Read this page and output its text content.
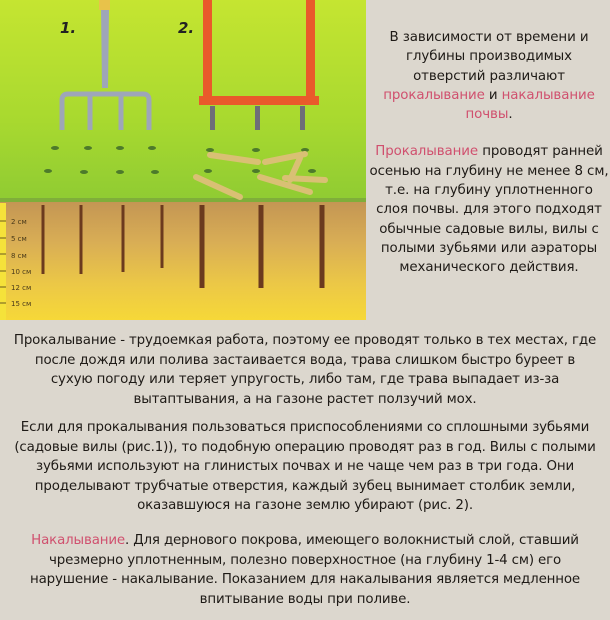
1.	2.
2 см
5 см
8 см
10 см
12 см
15 см

В зависимости от времени и глубины производимых отверстий различают прокалывание и накалывание почвы.

Прокалывание проводят ранней осенью на глубину не менее 8 см, т.е. на глубину уплотненного слоя почвы. для этого подходят обычные садовые вилы, вилы с полыми зубьями или аэраторы механического действия.

Прокалывание - трудоемкая работа, поэтому ее проводят только в тех местах, где после дождя или полива застаивается вода, трава слишком быстро буреет в сухую погоду или теряет упругость, либо там, где трава выпадает из-за вытаптывания, а на газоне растет ползучий мох.

Если для прокалывания пользоваться приспособлениями со сплошными зубьями (садовые вилы (рис.1)), то подобную операцию проводят раз в год. Вилы с полыми зубьями используют на глинистых почвах и не чаще чем раз в три года. Они проделывают трубчатые отверстия, каждый зубец вынимает столбик земли, оказавшуюся на газоне землю убирают (рис. 2).

Накалывание. Для дернового покрова, имеющего волокнистый слой, ставший чрезмерно уплотненным, полезно поверхностное (на глубину 1-4 см) его нарушение - накалывание. Показанием для накалывания является медленное впитывание воды при поливе.
